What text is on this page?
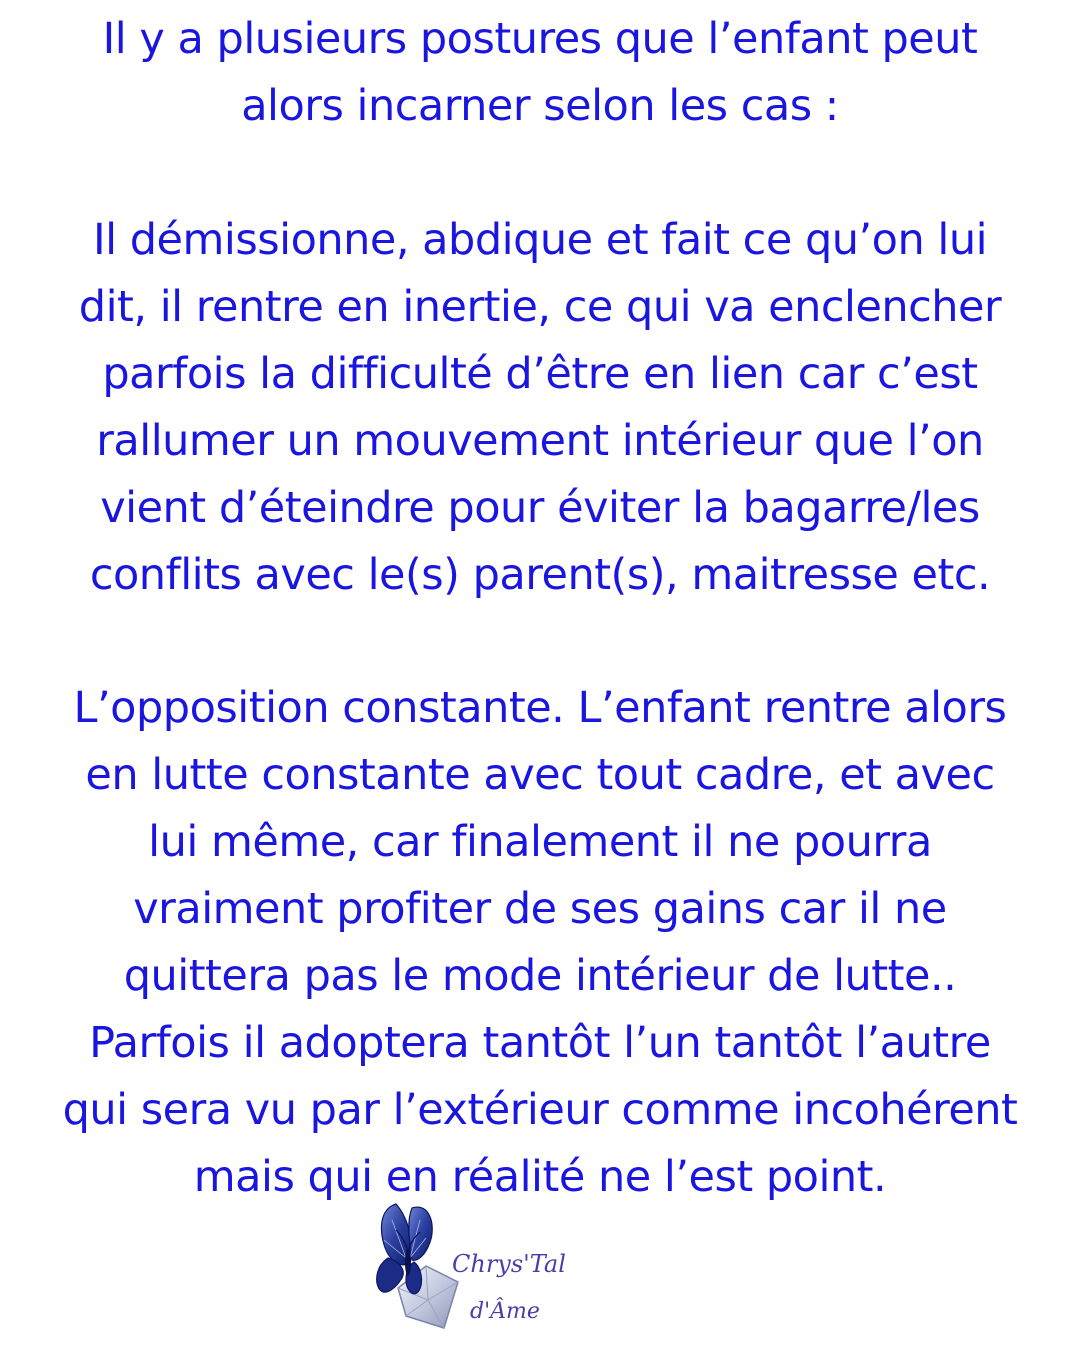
Il y a plusieurs postures que l’enfant peut
alors incarner selon les cas :
Il démissionne, abdique et fait ce qu’on lui
dit, il rentre en inertie, ce qui va enclencher
parfois la difficulté d’être en lien car c’est
rallumer un mouvement intérieur que l’on
vient d’éteindre pour éviter la bagarre/les
conflits avec le(s) parent(s), maitresse etc.
L’opposition constante. L’enfant rentre alors
en lutte constante avec tout cadre, et avec
lui même, car finalement il ne pourra
vraiment profiter de ses gains car il ne
quittera pas le mode intérieur de lutte..
Parfois il adoptera tantôt l’un tantôt l’autre
qui sera vu par l’extérieur comme incohérent
mais qui en réalité ne l’est point.
Chrys'Tal
d'Âme
